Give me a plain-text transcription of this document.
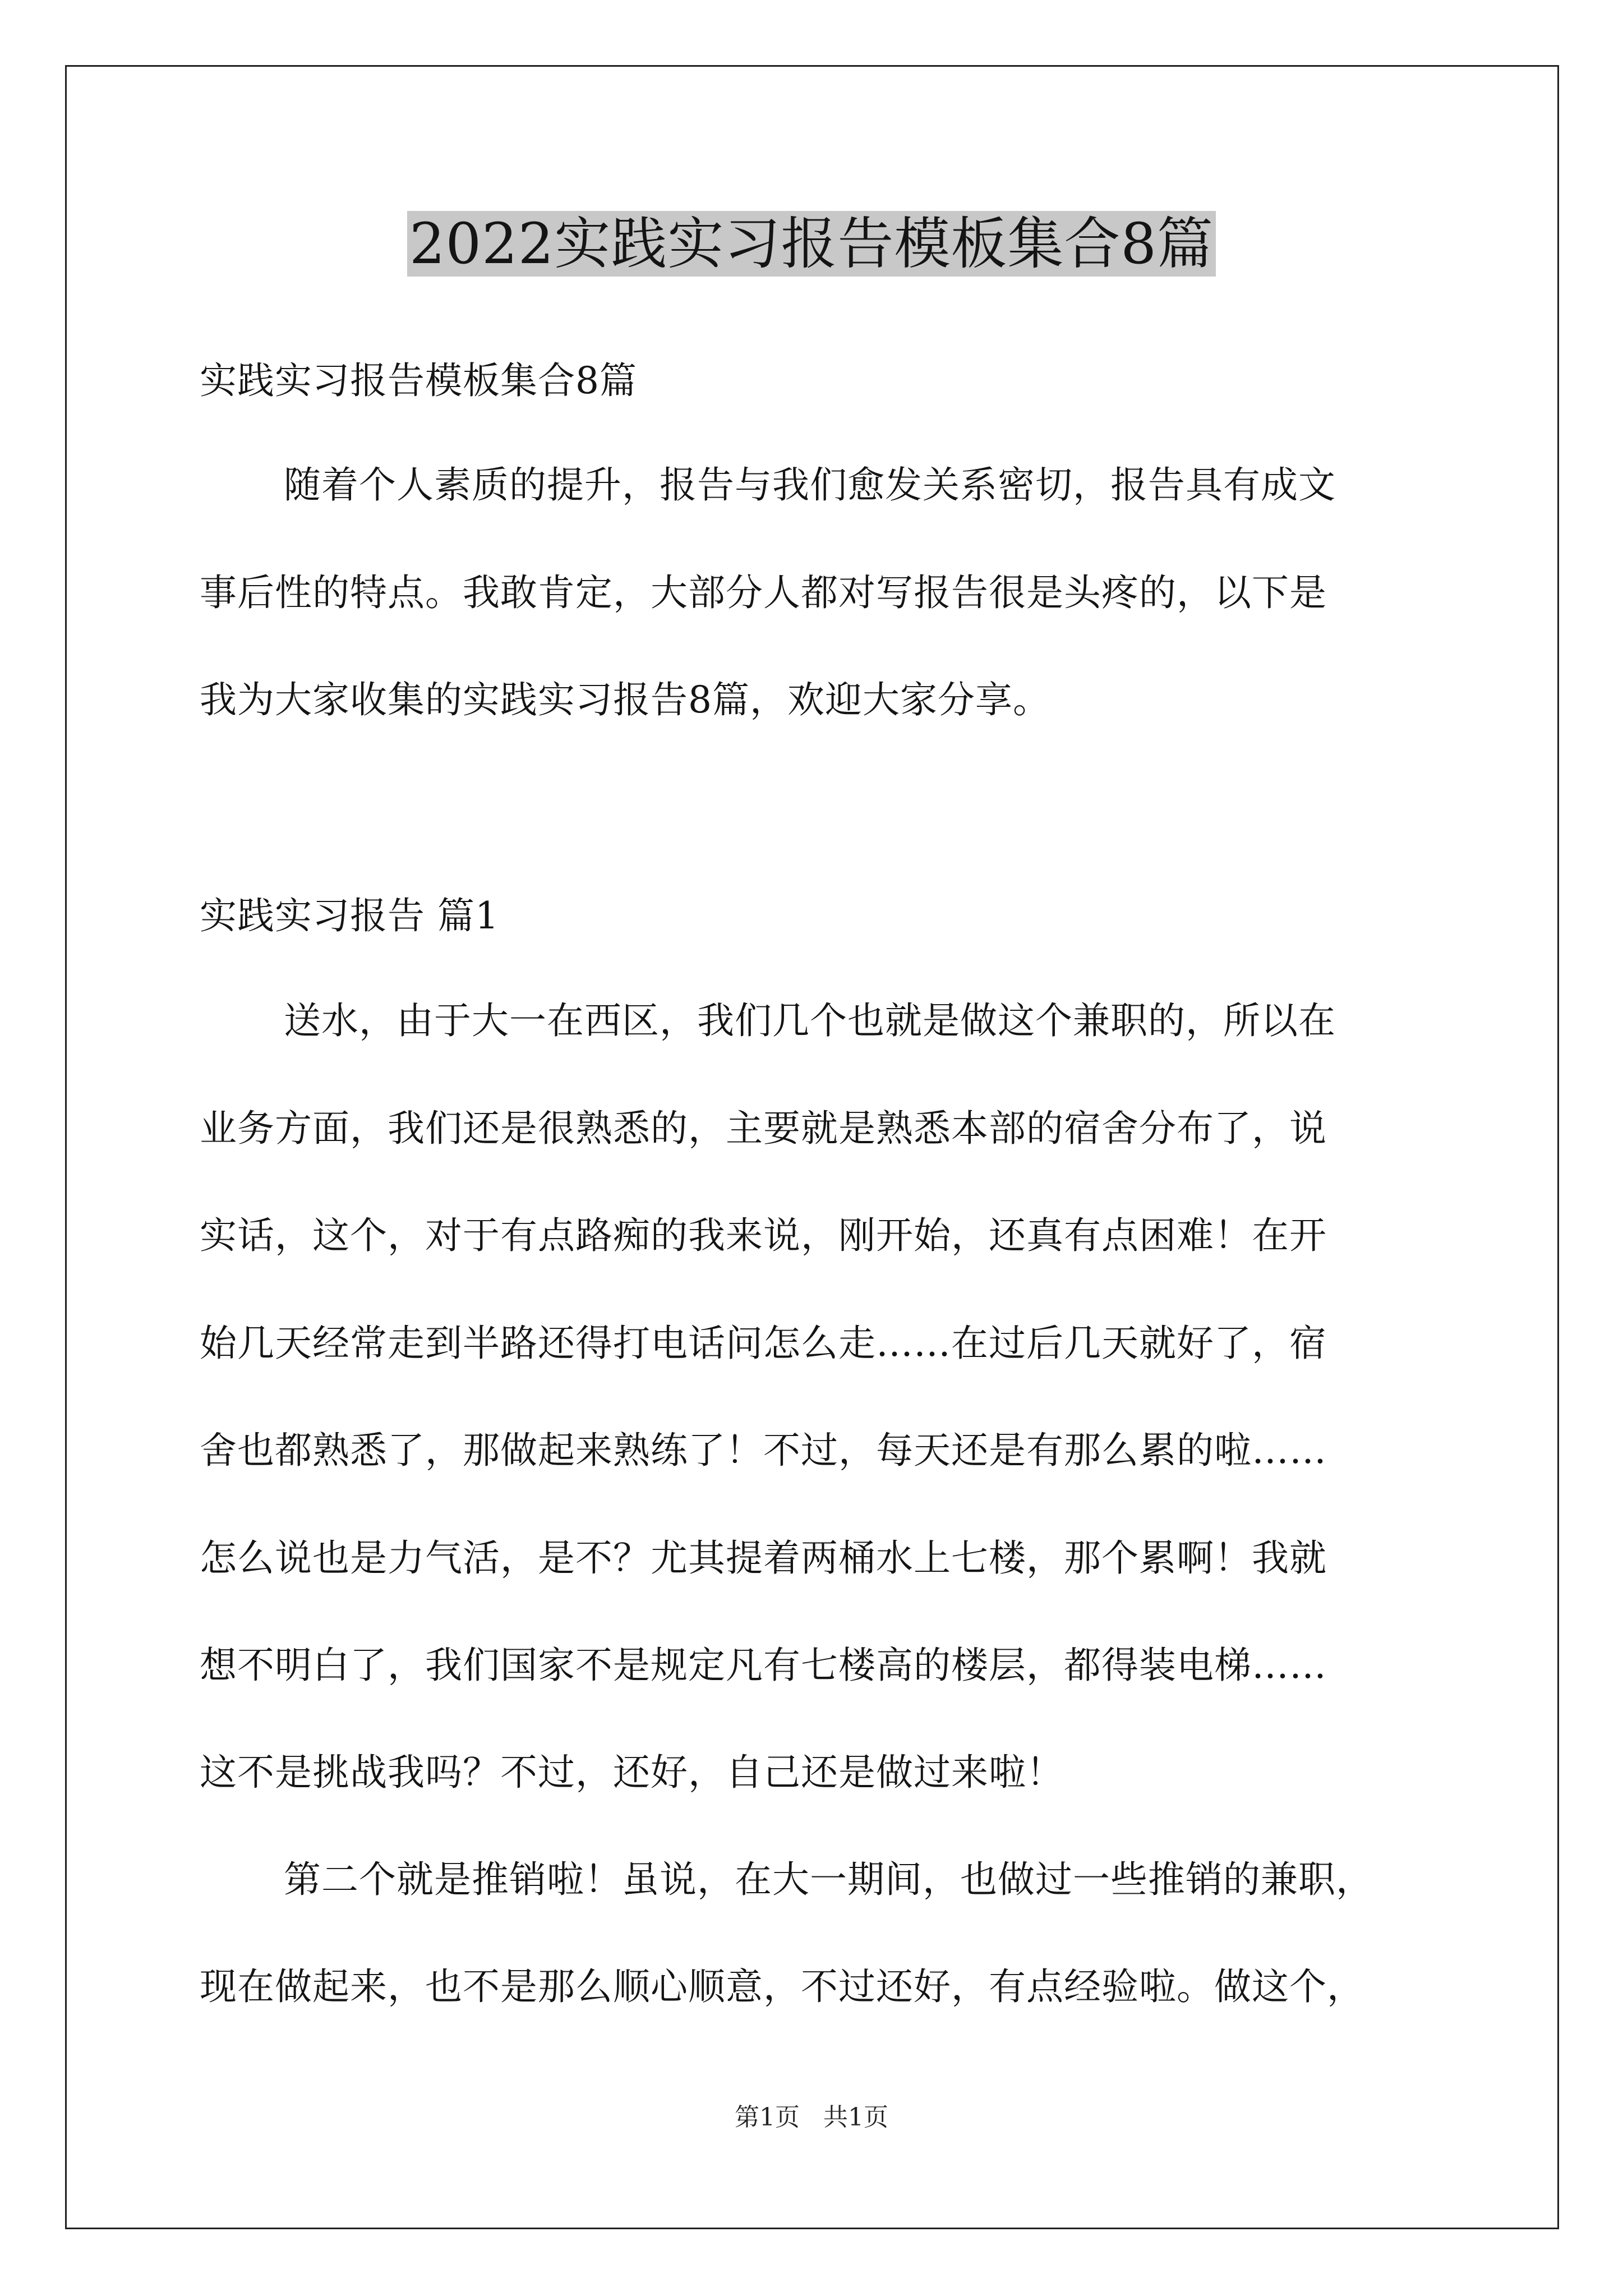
2022实践实习报告模板集合8篇
实践实习报告模板集合8篇
随着个人素质的提升，报告与我们愈发关系密切，报告具有成文
事后性的特点。我敢肯定，大部分人都对写报告很是头疼的，以下是
我为大家收集的实践实习报告8篇，欢迎大家分享。
实践实习报告 篇1
送水，由于大一在西区，我们几个也就是做这个兼职的，所以在
业务方面，我们还是很熟悉的，主要就是熟悉本部的宿舍分布了，说
实话，这个，对于有点路痴的我来说，刚开始，还真有点困难！在开
始几天经常走到半路还得打电话问怎么走……在过后几天就好了，宿
舍也都熟悉了，那做起来熟练了！不过，每天还是有那么累的啦……
怎么说也是力气活，是不？尤其提着两桶水上七楼，那个累啊！我就
想不明白了，我们国家不是规定凡有七楼高的楼层，都得装电梯……
这不是挑战我吗？不过，还好，自己还是做过来啦！
第二个就是推销啦！虽说，在大一期间，也做过一些推销的兼职，
现在做起来，也不是那么顺心顺意，不过还好，有点经验啦。做这个，
第1页   共1页
